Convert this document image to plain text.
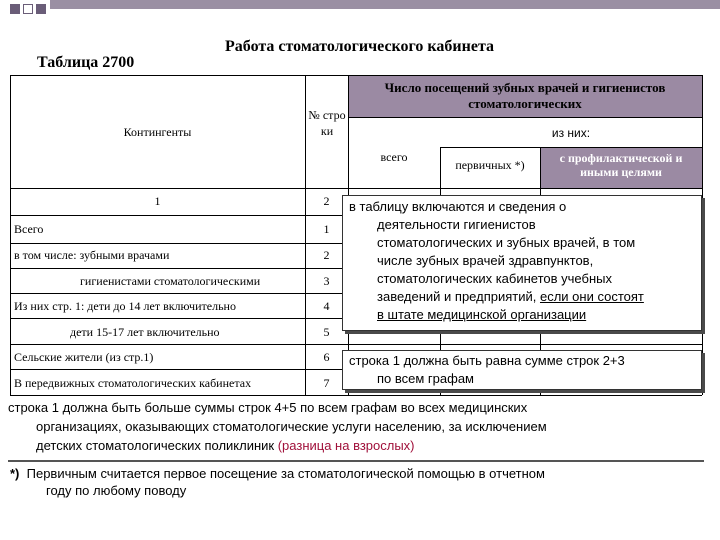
Таблица 2700
Работа стоматологического кабинета
Контингенты
№ стро ки
Число посещений зубных врачей и гигиенистов стоматологических
всего
из них:
первичных *)	с профилактической и иными целями
1	2
Всего	1
в том числе: зубными врачами	2
гигиенистами стоматологическими	3
Из них стр. 1: дети до 14 лет включительно	4
дети 15-17 лет включительно	5
Сельские жители (из стр.1)	6
В передвижных стоматологических кабинетах	7
в таблицу включаются и сведения о
деятельности гигиенистов
стоматологических и зубных врачей, в том
числе зубных врачей здравпунктов,
стоматологических кабинетов учебных
заведений и предприятий, если они состоят
в штате медицинской организации
строка 1 должна быть равна сумме строк 2+3
по всем графам
строка 1 должна быть больше суммы строк 4+5 по всем графам во всех медицинских
организациях, оказывающих стоматологические услуги населению, за исключением
детских стоматологических поликлиник (разница на взрослых)
*) Первичным считается первое посещение за стоматологической помощью в отчетном
году по любому поводу
